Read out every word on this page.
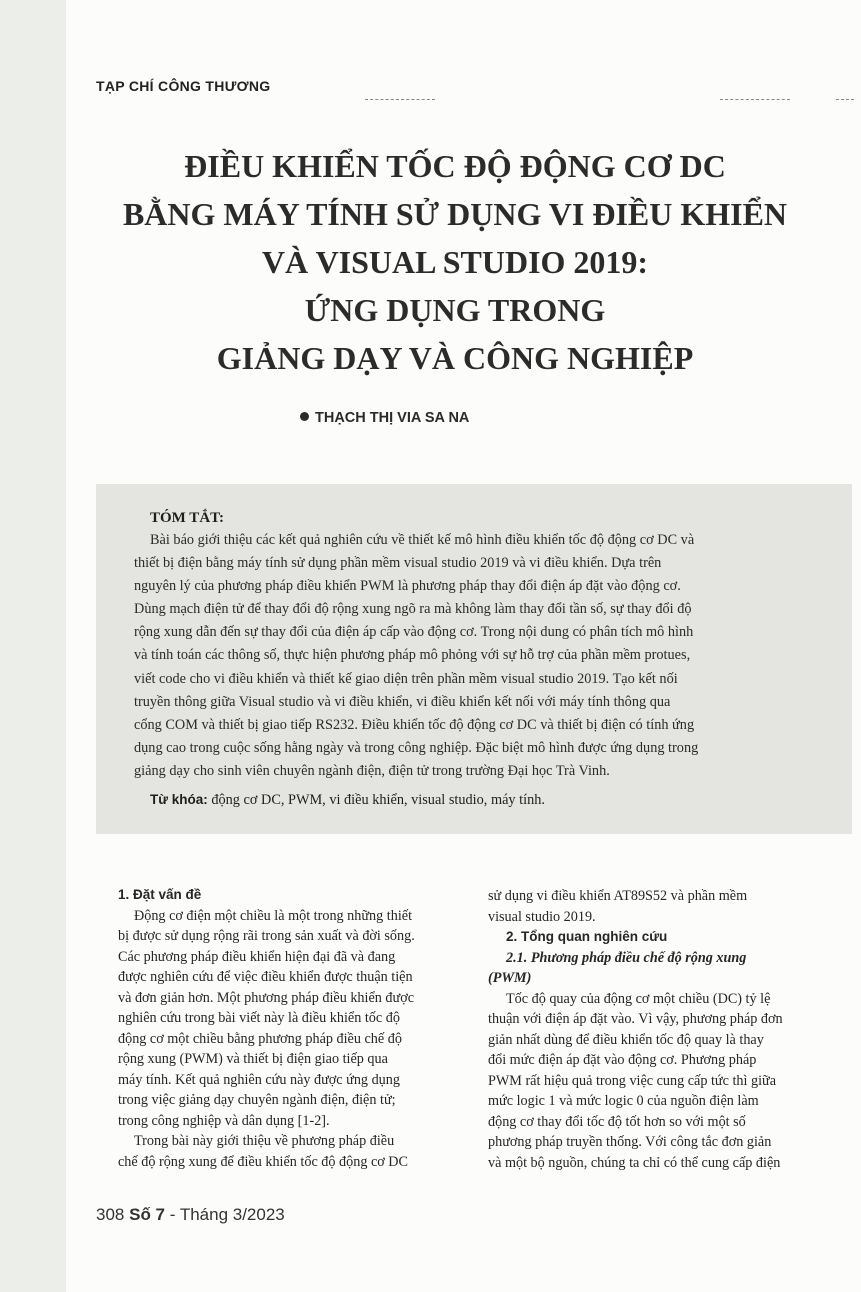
TẠP CHÍ CÔNG THƯƠNG
ĐIỀU KHIỂN TỐC ĐỘ ĐỘNG CƠ DC
BẰNG MÁY TÍNH SỬ DỤNG VI ĐIỀU KHIỂN
VÀ VISUAL STUDIO 2019:
ỨNG DỤNG TRONG
GIẢNG DẠY VÀ CÔNG NGHIỆP
THẠCH THỊ VIA SA NA
TÓM TẮT:
Bài báo giới thiệu các kết quả nghiên cứu về thiết kế mô hình điều khiển tốc độ động cơ DC và
thiết bị điện bằng máy tính sử dụng phần mềm visual studio 2019 và vi điều khiển. Dựa trên
nguyên lý của phương pháp điều khiển PWM là phương pháp thay đổi điện áp đặt vào động cơ.
Dùng mạch điện tử để thay đổi độ rộng xung ngõ ra mà không làm thay đổi tần số, sự thay đổi độ
rộng xung dẫn đến sự thay đổi của điện áp cấp vào động cơ. Trong nội dung có phân tích mô hình
và tính toán các thông số, thực hiện phương pháp mô phỏng với sự hỗ trợ của phần mềm protues,
viết code cho vi điều khiển và thiết kế giao diện trên phần mềm visual studio 2019. Tạo kết nối
truyền thông giữa Visual studio và vi điều khiển, vi điều khiển kết nối với máy tính thông qua
cổng COM và thiết bị giao tiếp RS232. Điều khiển tốc độ động cơ DC và thiết bị điện có tính ứng
dụng cao trong cuộc sống hằng ngày và trong công nghiệp. Đặc biệt mô hình được ứng dụng trong
giảng dạy cho sinh viên chuyên ngành điện, điện tử trong trường Đại học Trà Vinh.
Từ khóa: động cơ DC, PWM, vi điều khiển, visual studio, máy tính.
1. Đặt vấn đề
Động cơ điện một chiều là một trong những thiết
bị được sử dụng rộng rãi trong sản xuất và đời sống.
Các phương pháp điều khiển hiện đại đã và đang
được nghiên cứu để việc điều khiển được thuận tiện
và đơn giản hơn. Một phương pháp điều khiển được
nghiên cứu trong bài viết này là điều khiển tốc độ
động cơ một chiều bằng phương pháp điều chế độ
rộng xung (PWM) và thiết bị điện giao tiếp qua
máy tính. Kết quả nghiên cứu này được ứng dụng
trong việc giảng dạy chuyên ngành điện, điện tử;
trong công nghiệp và dân dụng [1-2].
Trong bài này giới thiệu về phương pháp điều
chế độ rộng xung để điều khiển tốc độ động cơ DC
sử dụng vi điều khiển AT89S52 và phần mềm
visual studio 2019.
2. Tổng quan nghiên cứu
2.1. Phương pháp điều chế độ rộng xung
(PWM)
Tốc độ quay của động cơ một chiều (DC) tỷ lệ
thuận với điện áp đặt vào. Vì vậy, phương pháp đơn
giản nhất dùng để điều khiển tốc độ quay là thay
đổi mức điện áp đặt vào động cơ. Phương pháp
PWM rất hiệu quả trong việc cung cấp tức thì giữa
mức logic 1 và mức logic 0 của nguồn điện làm
động cơ thay đổi tốc độ tốt hơn so với một số
phương pháp truyền thống. Với công tắc đơn giản
và một bộ nguồn, chúng ta chỉ có thể cung cấp điện
308 Số 7 - Tháng 3/2023
